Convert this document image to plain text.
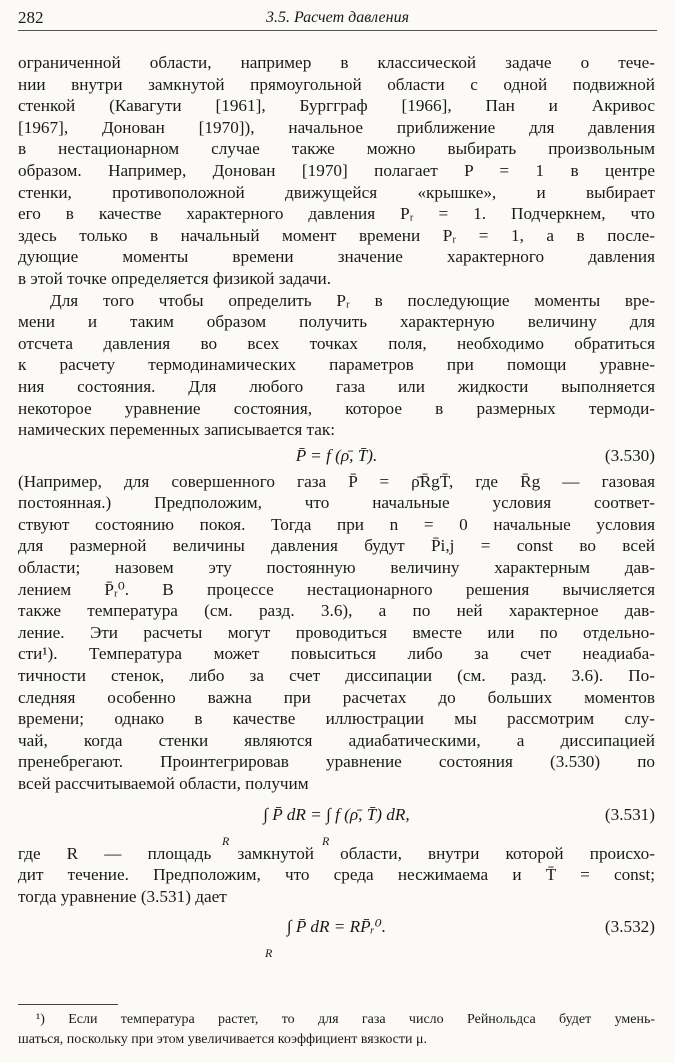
282	3.5. Расчет давления
ограниченной области, например в классической задаче о тече-
нии внутри замкнутой прямоугольной области с одной подвижной
стенкой (Кавагути [1961], Бургграф [1966], Пан и Акривос
[1967], Донован [1970]), начальное приближение для давления
в нестационарном случае также можно выбирать произвольным
образом. Например, Донован [1970] полагает P = 1 в центре
стенки, противоположной движущейся «крышке», и выбирает
его в качестве характерного давления Pᵣ = 1. Подчеркнем, что
здесь только в начальный момент времени Pᵣ = 1, а в после-
дующие моменты времени значение характерного давления
в этой точке определяется физикой задачи.
Для того чтобы определить Pᵣ в последующие моменты вре-
мени и таким образом получить характерную величину для
отсчета давления во всех точках поля, необходимо обратиться
к расчету термодинамических параметров при помощи уравне-
ния состояния. Для любого газа или жидкости выполняется
некоторое уравнение состояния, которое в размерных термоди-
намических переменных записывается так:
P̄ = f (ρ̄, T̄).	(3.530)
(Например, для совершенного газа P̄ = ρ̄R̄gT̄, где R̄g — газовая
постоянная.) Предположим, что начальные условия соответ-
ствуют состоянию покоя. Тогда при n = 0 начальные условия
для размерной величины давления будут P̄i,j = const во всей
области; назовем эту постоянную величину характерным дав-
лением P̄ᵣ⁰. В процессе нестационарного решения вычисляется
также температура (см. разд. 3.6), а по ней характерное дав-
ление. Эти расчеты могут проводиться вместе или по отдельно-
сти¹). Температура может повыситься либо за счет неадиаба-
тичности стенок, либо за счет диссипации (см. разд. 3.6). По-
следняя особенно важна при расчетах до больших моментов
времени; однако в качестве иллюстрации мы рассмотрим слу-
чай, когда стенки являются адиабатическими, а диссипацией
пренебрегают. Проинтегрировав уравнение состояния (3.530) по
всей рассчитываемой области, получим
∫ P̄ dR = ∫ f (ρ̄, T̄) dR,
R	R
(3.531)
где R — площадь замкнутой области, внутри которой происхо-
дит течение. Предположим, что среда несжимаема и T̄ = const;
тогда уравнение (3.531) дает
∫ P̄ dR = RP̄ᵣ⁰.
R
(3.532)
¹) Если температура растет, то для газа число Рейнольдса будет умень-
шаться, поскольку при этом увеличивается коэффициент вязкости μ.
